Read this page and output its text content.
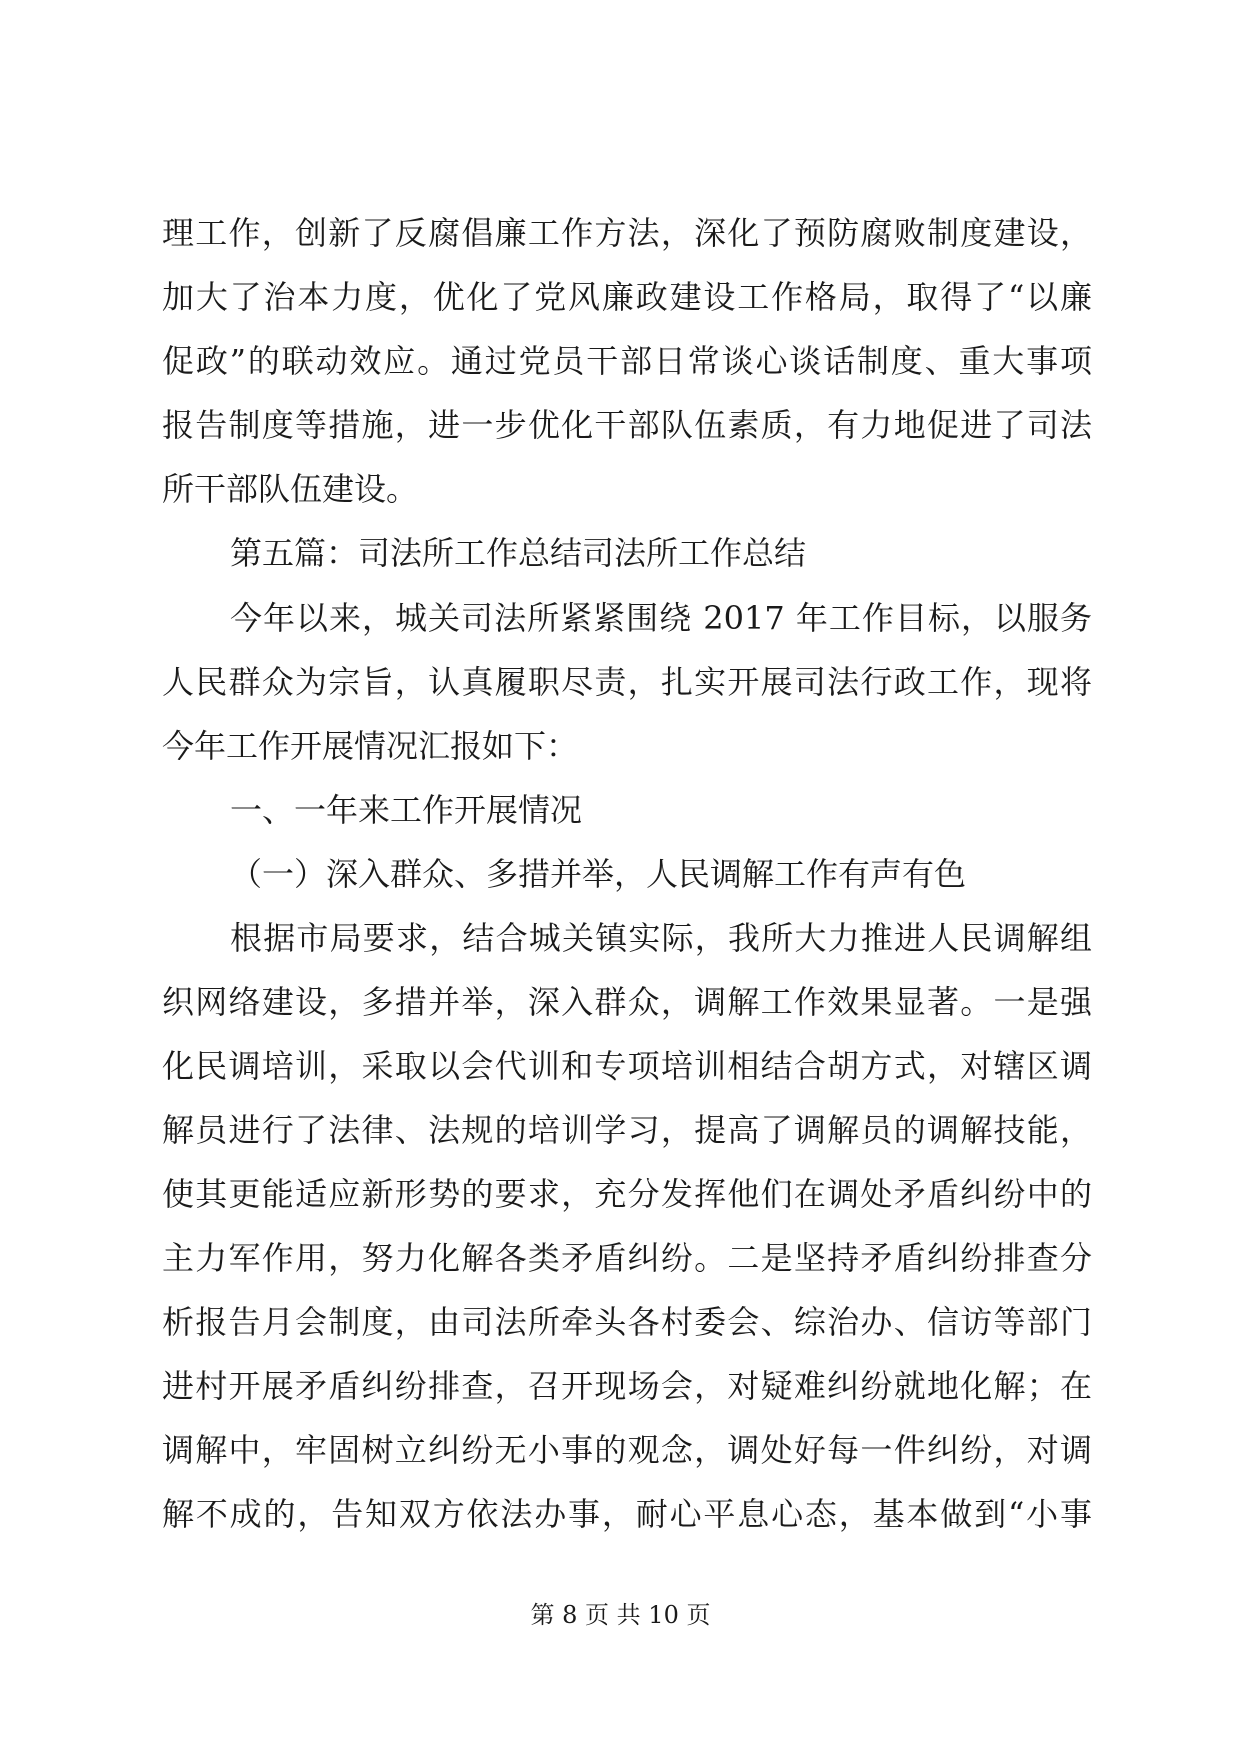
理工作，创新了反腐倡廉工作方法，深化了预防腐败制度建设，
加大了治本力度，优化了党风廉政建设工作格局，取得了“以廉
促政”的联动效应。通过党员干部日常谈心谈话制度、重大事项
报告制度等措施，进一步优化干部队伍素质，有力地促进了司法
所干部队伍建设。
第五篇：司法所工作总结司法所工作总结
今年以来，城关司法所紧紧围绕 2017 年工作目标，以服务
人民群众为宗旨，认真履职尽责，扎实开展司法行政工作，现将
今年工作开展情况汇报如下：
一、一年来工作开展情况
（一）深入群众、多措并举，人民调解工作有声有色
根据市局要求，结合城关镇实际，我所大力推进人民调解组
织网络建设，多措并举，深入群众，调解工作效果显著。一是强
化民调培训，采取以会代训和专项培训相结合胡方式，对辖区调
解员进行了法律、法规的培训学习，提高了调解员的调解技能，
使其更能适应新形势的要求，充分发挥他们在调处矛盾纠纷中的
主力军作用，努力化解各类矛盾纠纷。二是坚持矛盾纠纷排查分
析报告月会制度，由司法所牵头各村委会、综治办、信访等部门
进村开展矛盾纠纷排查，召开现场会，对疑难纠纷就地化解；在
调解中，牢固树立纠纷无小事的观念，调处好每一件纠纷，对调
解不成的，告知双方依法办事，耐心平息心态，基本做到“小事
第 8 页 共 10 页
